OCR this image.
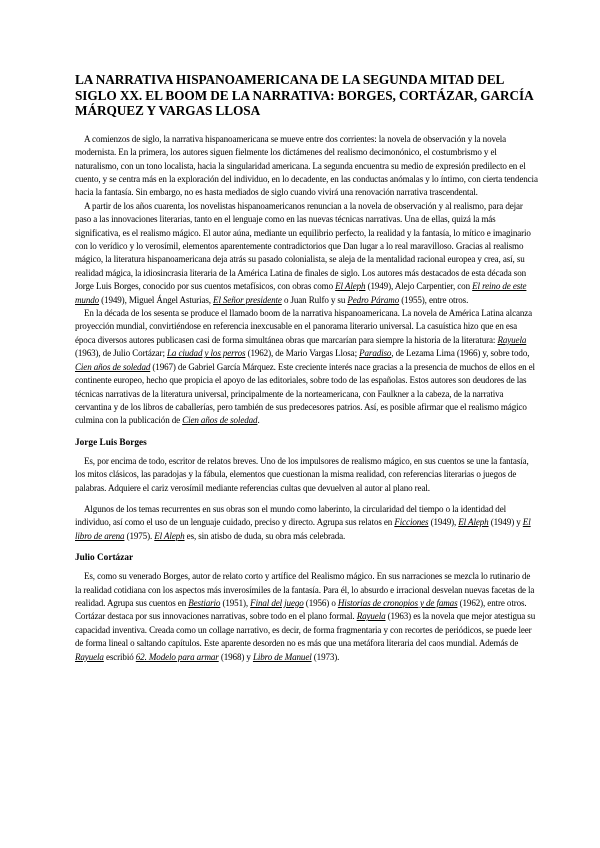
LA NARRATIVA HISPANOAMERICANA DE LA SEGUNDA MITAD DEL SIGLO XX. EL BOOM DE LA NARRATIVA: BORGES, CORTÁZAR, GARCÍA MÁRQUEZ Y VARGAS LLOSA

A comienzos de siglo, la narrativa hispanoamericana se mueve entre dos corrientes: la novela de observación y la novela modernista. En la primera, los autores siguen fielmente los dictámenes del realismo decimonónico, el costumbrismo y el naturalismo, con un tono localista, hacia la singularidad americana. La segunda encuentra su medio de expresión predilecto en el cuento, y se centra más en la exploración del individuo, en lo decadente, en las conductas anómalas y lo íntimo, con cierta tendencia hacia la fantasía. Sin embargo, no es hasta mediados de siglo cuando vivirá una renovación narrativa trascendental.

A partir de los años cuarenta, los novelistas hispanoamericanos renuncian a la novela de observación y al realismo, para dejar paso a las innovaciones literarias, tanto en el lenguaje como en las nuevas técnicas narrativas. Una de ellas, quizá la más significativa, es el realismo mágico. El autor aúna, mediante un equilibrio perfecto, la realidad y la fantasía, lo mítico e imaginario con lo verídico y lo verosímil, elementos aparentemente contradictorios que Dan lugar a lo real maravilloso. Gracias al realismo mágico, la literatura hispanoamericana deja atrás su pasado colonialista, se aleja de la mentalidad racional europea y crea, así, su realidad mágica, la idiosincrasia literaria de la América Latina de finales de siglo. Los autores más destacados de esta década son Jorge Luis Borges, conocido por sus cuentos metafísicos, con obras como El Aleph (1949), Alejo Carpentier, con El reino de este mundo (1949), Miguel Ángel Asturias, El Señor presidente o Juan Rulfo y su Pedro Páramo (1955), entre otros.

En la década de los sesenta se produce el llamado boom de la narrativa hispanoamericana. La novela de América Latina alcanza proyección mundial, convirtiéndose en referencia inexcusable en el panorama literario universal. La casuística hizo que en esa época diversos autores publicasen casi de forma simultánea obras que marcarían para siempre la historia de la literatura: Rayuela (1963), de Julio Cortázar; La ciudad y los perros (1962), de Mario Vargas Llosa; Paradiso, de Lezama Lima (1966) y, sobre todo, Cien años de soledad (1967) de Gabriel García Márquez. Este creciente interés nace gracias a la presencia de muchos de ellos en el continente europeo, hecho que propicia el apoyo de las editoriales, sobre todo de las españolas. Estos autores son deudores de las técnicas narrativas de la literatura universal, principalmente de la norteamericana, con Faulkner a la cabeza, de la narrativa cervantina y de los libros de caballerías, pero también de sus predecesores patrios. Así, es posible afirmar que el realismo mágico culmina con la publicación de Cien años de soledad.

Jorge Luis Borges

Es, por encima de todo, escritor de relatos breves. Uno de los impulsores de realismo mágico, en sus cuentos se une la fantasía, los mitos clásicos, las paradojas y la fábula, elementos que cuestionan la misma realidad, con referencias literarias o juegos de palabras. Adquiere el cariz verosímil mediante referencias cultas que devuelven al autor al plano real.

Algunos de los temas recurrentes en sus obras son el mundo como laberinto, la circularidad del tiempo o la identidad del individuo, así como el uso de un lenguaje cuidado, preciso y directo. Agrupa sus relatos en Ficciones (1949), El Aleph (1949) y El libro de arena (1975). El Aleph es, sin atisbo de duda, su obra más celebrada.

Julio Cortázar

Es, como su venerado Borges, autor de relato corto y artífice del Realismo mágico. En sus narraciones se mezcla lo rutinario de la realidad cotidiana con los aspectos más inverosímiles de la fantasía. Para él, lo absurdo e irracional desvelan nuevas facetas de la realidad. Agrupa sus cuentos en Bestiario (1951), Final del juego (1956) o Historias de cronopios y de famas (1962), entre otros. Cortázar destaca por sus innovaciones narrativas, sobre todo en el plano formal. Rayuela (1963) es la novela que mejor atestigua su capacidad inventiva. Creada como un collage narrativo, es decir, de forma fragmentaria y con recortes de periódicos, se puede leer de forma lineal o saltando capítulos. Este aparente desorden no es más que una metáfora literaria del caos mundial. Además de Rayuela escribió 62. Modelo para armar (1968) y Libro de Manuel (1973).
